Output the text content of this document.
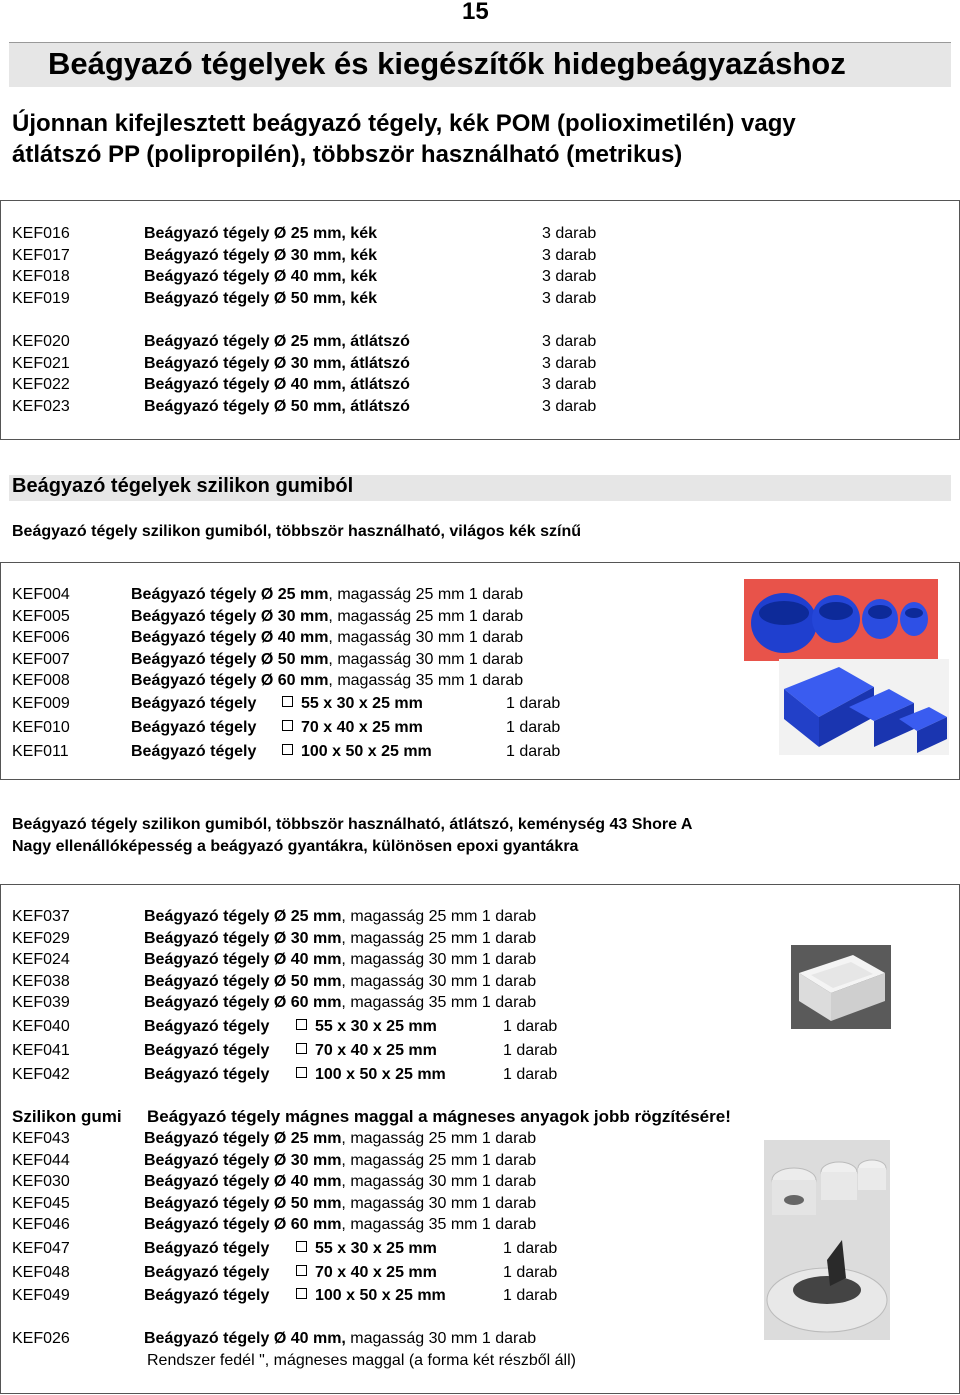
15
Beágyazó tégelyek és kiegészítők hidegbeágyazáshoz
Újonnan kifejlesztett beágyazó tégely, kék POM (polioximetilén) vagy
átlátszó PP (polipropilén), többször használható (metrikus)
KEF016	Beágyazó tégely Ø 25 mm, kék	3 darab
KEF017	Beágyazó tégely Ø 30 mm, kék	3 darab
KEF018	Beágyazó tégely Ø 40 mm, kék	3 darab
KEF019	Beágyazó tégely Ø 50 mm, kék	3 darab
KEF020	Beágyazó tégely Ø 25 mm, átlátszó	3 darab
KEF021	Beágyazó tégely Ø 30 mm, átlátszó	3 darab
KEF022	Beágyazó tégely Ø 40 mm, átlátszó	3 darab
KEF023	Beágyazó tégely Ø 50 mm, átlátszó	3 darab
Beágyazó tégelyek szilikon gumiból
Beágyazó tégely szilikon gumiból, többször használható, világos kék színű
KEF004	Beágyazó tégely Ø 25 mm, magasság 25 mm 1 darab
KEF005	Beágyazó tégely Ø 30 mm, magasság 25 mm 1 darab
KEF006	Beágyazó tégely Ø 40 mm, magasság 30 mm 1 darab
KEF007	Beágyazó tégely Ø 50 mm, magasság 30 mm 1 darab
KEF008	Beágyazó tégely Ø 60 mm, magasság 35 mm 1 darab
KEF009	Beágyazó tégely	55 x 30 x 25 mm	1 darab
KEF010	Beágyazó tégely	70 x 40 x 25 mm	1 darab
KEF011	Beágyazó tégely	100 x 50 x 25 mm	1 darab
Beágyazó tégely szilikon gumiból, többször használható, átlátszó, keménység 43 Shore A
Nagy ellenállóképesség a beágyazó gyantákra, különösen epoxi gyantákra
KEF037	Beágyazó tégely Ø 25 mm, magasság 25 mm 1 darab
KEF029	Beágyazó tégely Ø 30 mm, magasság 25 mm 1 darab
KEF024	Beágyazó tégely Ø 40 mm, magasság 30 mm 1 darab
KEF038	Beágyazó tégely Ø 50 mm, magasság 30 mm 1 darab
KEF039	Beágyazó tégely Ø 60 mm, magasság 35 mm 1 darab
KEF040	Beágyazó tégely	55 x 30 x 25 mm	1 darab
KEF041	Beágyazó tégely	70 x 40 x 25 mm	1 darab
KEF042	Beágyazó tégely	100 x 50 x 25 mm	1 darab
Szilikon gumi Beágyazó tégely mágnes maggal a mágneses anyagok jobb rögzítésére!
KEF043	Beágyazó tégely Ø 25 mm, magasság 25 mm 1 darab
KEF044	Beágyazó tégely Ø 30 mm, magasság 25 mm 1 darab
KEF030	Beágyazó tégely Ø 40 mm, magasság 30 mm 1 darab
KEF045	Beágyazó tégely Ø 50 mm, magasság 30 mm 1 darab
KEF046	Beágyazó tégely Ø 60 mm, magasság 35 mm 1 darab
KEF047	Beágyazó tégely	55 x 30 x 25 mm	1 darab
KEF048	Beágyazó tégely	70 x 40 x 25 mm	1 darab
KEF049	Beágyazó tégely	100 x 50 x 25 mm	1 darab
KEF026	Beágyazó tégely Ø 40 mm, magasság 30 mm 1 darab
Rendszer fedél ", mágneses maggal (a forma két részből áll)
